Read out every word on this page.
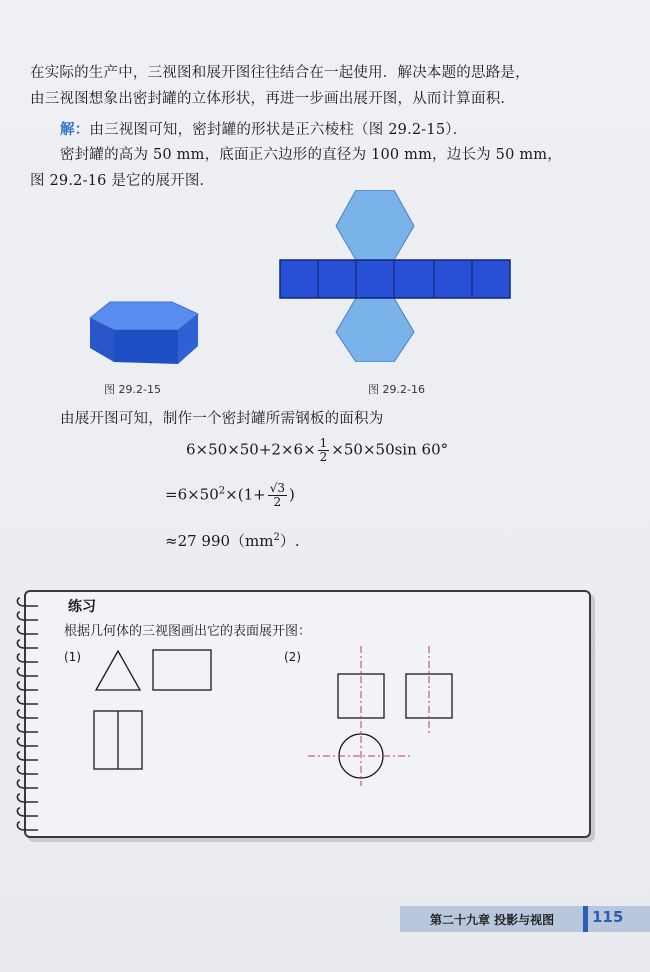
在实际的生产中，三视图和展开图往往结合在一起使用．解决本题的思路是，
由三视图想象出密封罐的立体形状，再进一步画出展开图，从而计算面积．
解：由三视图可知，密封罐的形状是正六棱柱（图 29.2-15）．
密封罐的高为 50 mm，底面正六边形的直径为 100 mm，边长为 50 mm，
图 29.2-16 是它的展开图．
图 29.2-15	图 29.2-16
由展开图可知，制作一个密封罐所需钢板的面积为
$6\times 50\times 50+2\times 6\times \frac{1}{2} \times 50\times 50\sin$ 60°
$=6\times 50^2\times(1+ \frac{√3}{2}$ )
≈27 $990(mm^2)$.
练习
根据几何体的三视图画出它的表面展开图：
(1)	(2)
第二十九章 投影与视图	115
